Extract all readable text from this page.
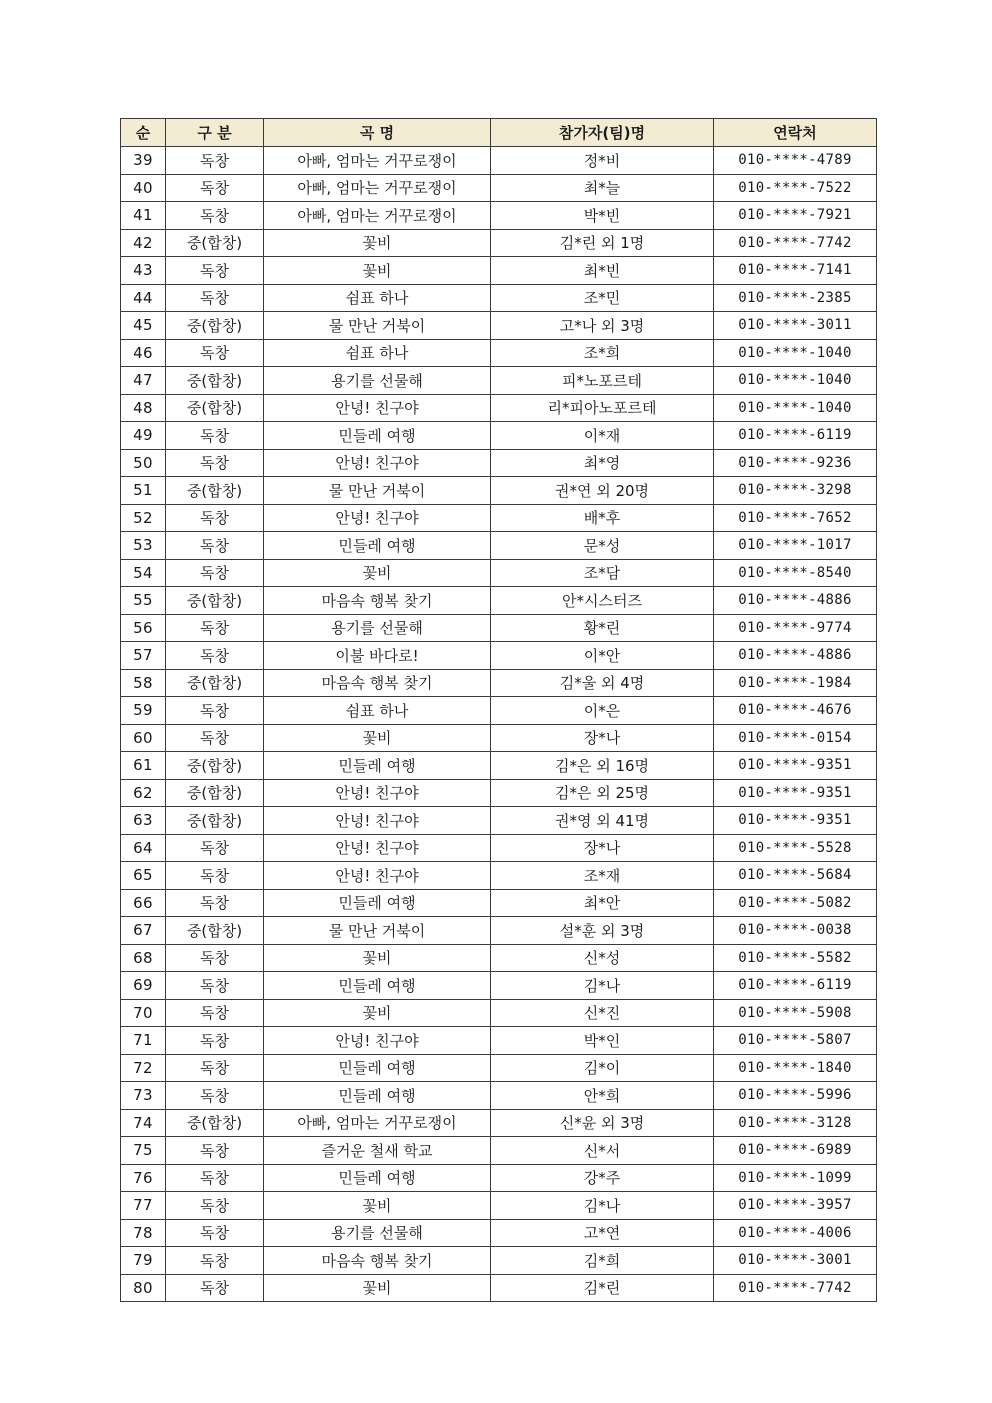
순	구 분	곡 명	참가자(팀)명	연락처
39	독창	아빠, 엄마는 거꾸로쟁이	정*비	010-****-4789
40	독창	아빠, 엄마는 거꾸로쟁이	최*늘	010-****-7522
41	독창	아빠, 엄마는 거꾸로쟁이	박*빈	010-****-7921
42	중(합창)	꽃비	김*린 외 1명	010-****-7742
43	독창	꽃비	최*빈	010-****-7141
44	독창	쉼표 하나	조*민	010-****-2385
45	중(합창)	물 만난 거북이	고*나 외 3명	010-****-3011
46	독창	쉼표 하나	조*희	010-****-1040
47	중(합창)	용기를 선물해	피*노포르테	010-****-1040
48	중(합창)	안녕! 친구야	리*피아노포르테	010-****-1040
49	독창	민들레 여행	이*재	010-****-6119
50	독창	안녕! 친구야	최*영	010-****-9236
51	중(합창)	물 만난 거북이	권*연 외 20명	010-****-3298
52	독창	안녕! 친구야	배*후	010-****-7652
53	독창	민들레 여행	문*성	010-****-1017
54	독창	꽃비	조*담	010-****-8540
55	중(합창)	마음속 행복 찾기	안*시스터즈	010-****-4886
56	독창	용기를 선물해	황*린	010-****-9774
57	독창	이불 바다로!	이*안	010-****-4886
58	중(합창)	마음속 행복 찾기	김*울 외 4명	010-****-1984
59	독창	쉼표 하나	이*은	010-****-4676
60	독창	꽃비	장*나	010-****-0154
61	중(합창)	민들레 여행	김*은 외 16명	010-****-9351
62	중(합창)	안녕! 친구야	김*은 외 25명	010-****-9351
63	중(합창)	안녕! 친구야	권*영 외 41명	010-****-9351
64	독창	안녕! 친구야	장*나	010-****-5528
65	독창	안녕! 친구야	조*재	010-****-5684
66	독창	민들레 여행	최*안	010-****-5082
67	중(합창)	물 만난 거북이	설*훈 외 3명	010-****-0038
68	독창	꽃비	신*성	010-****-5582
69	독창	민들레 여행	김*나	010-****-6119
70	독창	꽃비	신*진	010-****-5908
71	독창	안녕! 친구야	박*인	010-****-5807
72	독창	민들레 여행	김*이	010-****-1840
73	독창	민들레 여행	안*희	010-****-5996
74	중(합창)	아빠, 엄마는 거꾸로쟁이	신*윤 외 3명	010-****-3128
75	독창	즐거운 철새 학교	신*서	010-****-6989
76	독창	민들레 여행	강*주	010-****-1099
77	독창	꽃비	김*나	010-****-3957
78	독창	용기를 선물해	고*연	010-****-4006
79	독창	마음속 행복 찾기	김*희	010-****-3001
80	독창	꽃비	김*린	010-****-7742
